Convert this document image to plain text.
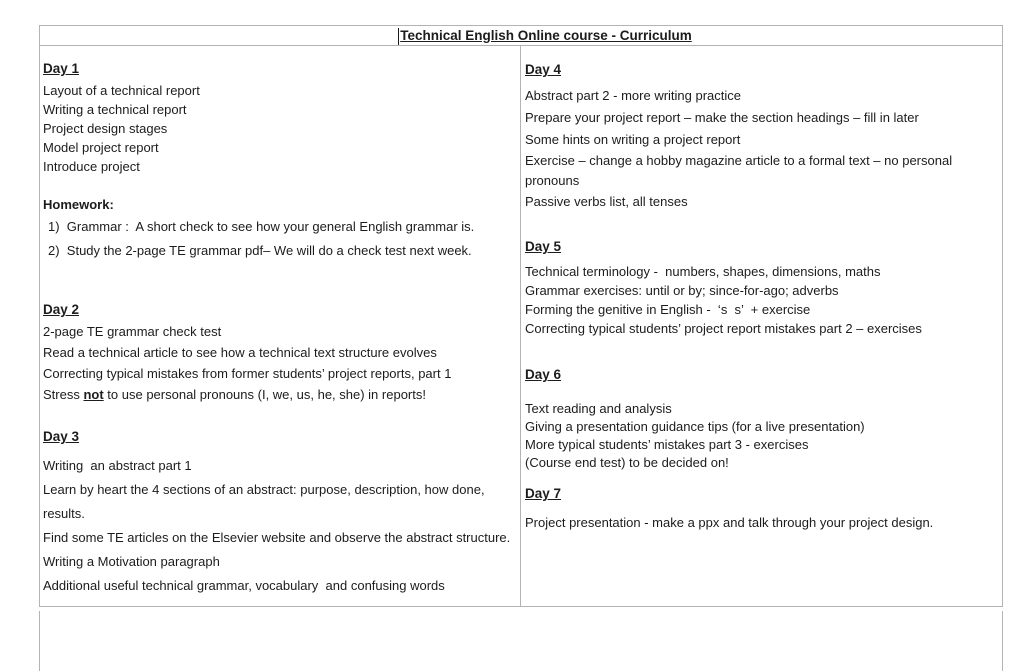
Technical English Online course - Curriculum

Day 1

Layout of a technical report

Writing a technical report

Project design stages

Model project report

Introduce project

Homework:

1)  Grammar :  A short check to see how your general English grammar is.

2)  Study the 2-page TE grammar pdf– We will do a check test next week.

Day 2

2-page TE grammar check test

Read a technical article to see how a technical text structure evolves

Correcting typical mistakes from former students’ project reports, part 1

Stress not to use personal pronouns (I, we, us, he, she) in reports!

Day 3

Writing  an abstract part 1

Learn by heart the 4 sections of an abstract: purpose, description, how done, results.

Find some TE articles on the Elsevier website and observe the abstract structure.

Writing a Motivation paragraph

Additional useful technical grammar, vocabulary  and confusing words

Day 4

Abstract part 2 - more writing practice

Prepare your project report – make the section headings – fill in later

Some hints on writing a project report

Exercise – change a hobby magazine article to a formal text – no personal pronouns

Passive verbs list, all tenses

Day 5

Technical terminology -  numbers, shapes, dimensions, maths

Grammar exercises: until or by; since-for-ago; adverbs

Forming the genitive in English -  ‘s  s’  + exercise

Correcting typical students’ project report mistakes part 2 – exercises

Day 6

Text reading and analysis

Giving a presentation guidance tips (for a live presentation)

More typical students’ mistakes part 3 - exercises

(Course end test) to be decided on!

Day 7

Project presentation - make a ppx and talk through your project design.
